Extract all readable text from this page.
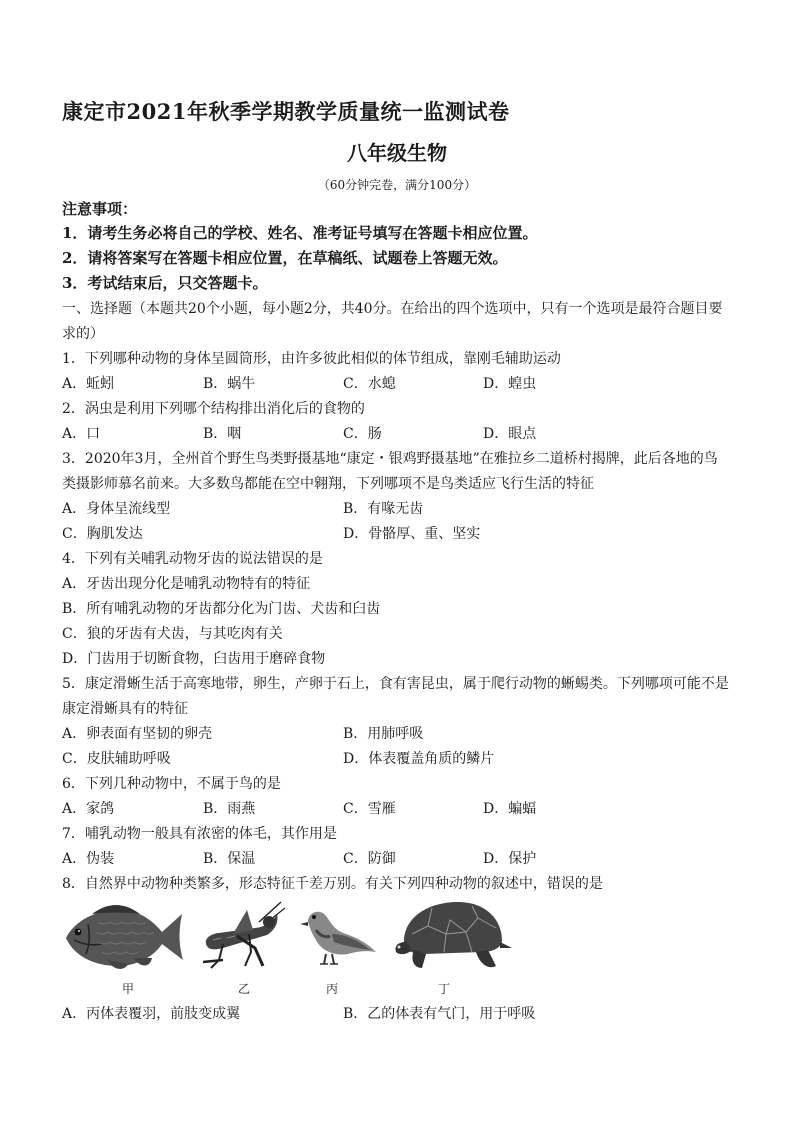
康定市2021年秋季学期教学质量统一监测试卷
八年级生物
（60分钟完卷，满分100分）
注意事项：
1．请考生务必将自己的学校、姓名、准考证号填写在答题卡相应位置。
2．请将答案写在答题卡相应位置，在草稿纸、试题卷上答题无效。
3．考试结束后，只交答题卡。
一、选择题（本题共20个小题，每小题2分，共40分。在给出的四个选项中，只有一个选项是最符合题目要
求的）
1．下列哪种动物的身体呈圆筒形，由许多彼此相似的体节组成，靠刚毛辅助运动
A．蚯蚓	B．蜗牛	C．水螅	D．蝗虫
2．涡虫是利用下列哪个结构排出消化后的食物的
A．口	B．咽	C．肠	D．眼点
3．2020年3月，全州首个野生鸟类野摄基地“康定・银鸡野摄基地”在雅拉乡二道桥村揭牌，此后各地的鸟
类摄影师慕名前来。大多数鸟都能在空中翱翔，下列哪项不是鸟类适应飞行生活的特征
A．身体呈流线型	B．有喙无齿
C．胸肌发达	D．骨骼厚、重、坚实
4．下列有关哺乳动物牙齿的说法错误的是
A．牙齿出现分化是哺乳动物特有的特征
B．所有哺乳动物的牙齿都分化为门齿、犬齿和臼齿
C．狼的牙齿有犬齿，与其吃肉有关
D．门齿用于切断食物，臼齿用于磨碎食物
5．康定滑蜥生活于高寒地带，卵生，产卵于石上，食有害昆虫，属于爬行动物的蜥蜴类。下列哪项可能不是
康定滑蜥具有的特征
A．卵表面有坚韧的卵壳	B．用肺呼吸
C．皮肤辅助呼吸	D．体表覆盖角质的鳞片
6．下列几种动物中，不属于鸟的是
A．家鸽	B．雨燕	C．雪雁	D．蝙蝠
7．哺乳动物一般具有浓密的体毛，其作用是
A．伪装	B．保温	C．防御	D．保护
8．自然界中动物种类繁多，形态特征千差万别。有关下列四种动物的叙述中，错误的是
甲	乙	丙	丁
A．丙体表覆羽，前肢变成翼	B．乙的体表有气门，用于呼吸
